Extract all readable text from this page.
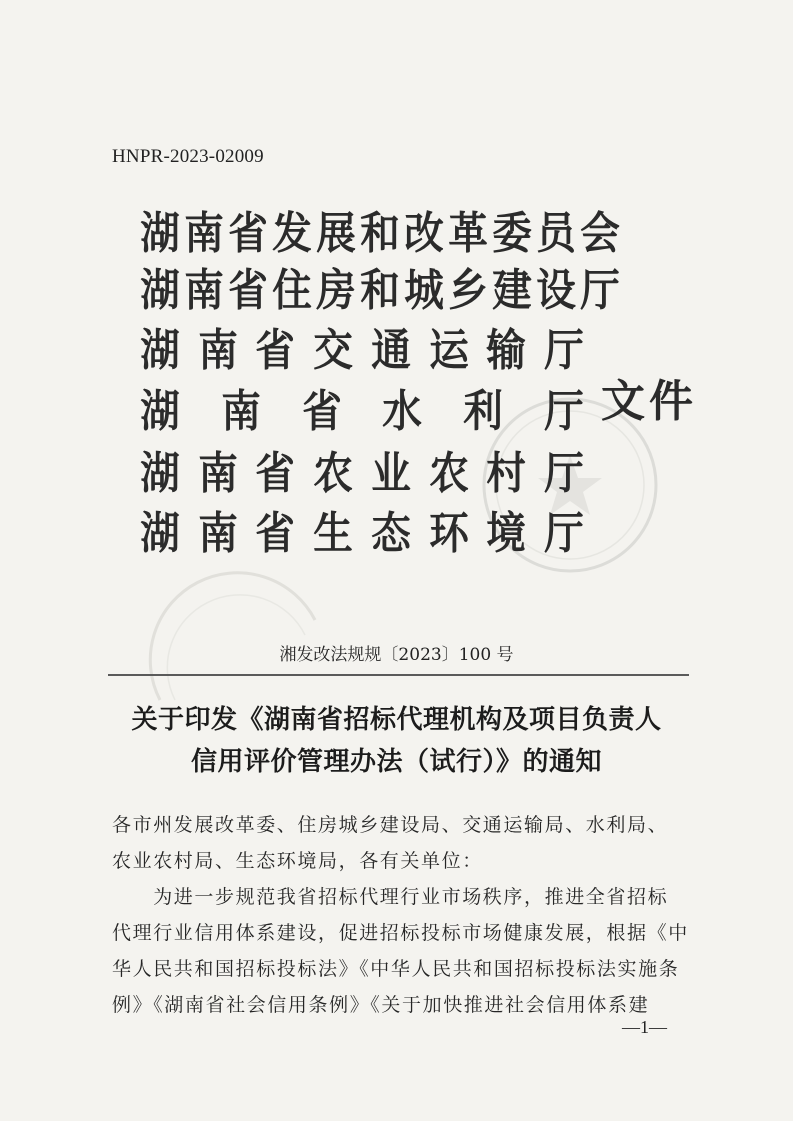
HNPR-2023-02009
湖 南 省 发 展 和 改 革 委 员 会
湖 南 省 住 房 和 城 乡 建 设 厅
湖 南 省 交 通 运 输 厅
湖 南 省 水 利 厅
湖 南 省 农 业 农 村 厅
湖 南 省 生 态 环 境 厅
文件
湘发改法规规〔2023〕100 号
关于印发《湖南省招标代理机构及项目负责人
信用评价管理办法（试行）》的通知
各市州发展改革委、住房城乡建设局、交通运输局、水利局、
农业农村局、生态环境局，各有关单位：
　　为进一步规范我省招标代理行业市场秩序，推进全省招标
代理行业信用体系建设，促进招标投标市场健康发展，根据《中
华人民共和国招标投标法》《中华人民共和国招标投标法实施条
例》《湖南省社会信用条例》《关于加快推进社会信用体系建
—1—
